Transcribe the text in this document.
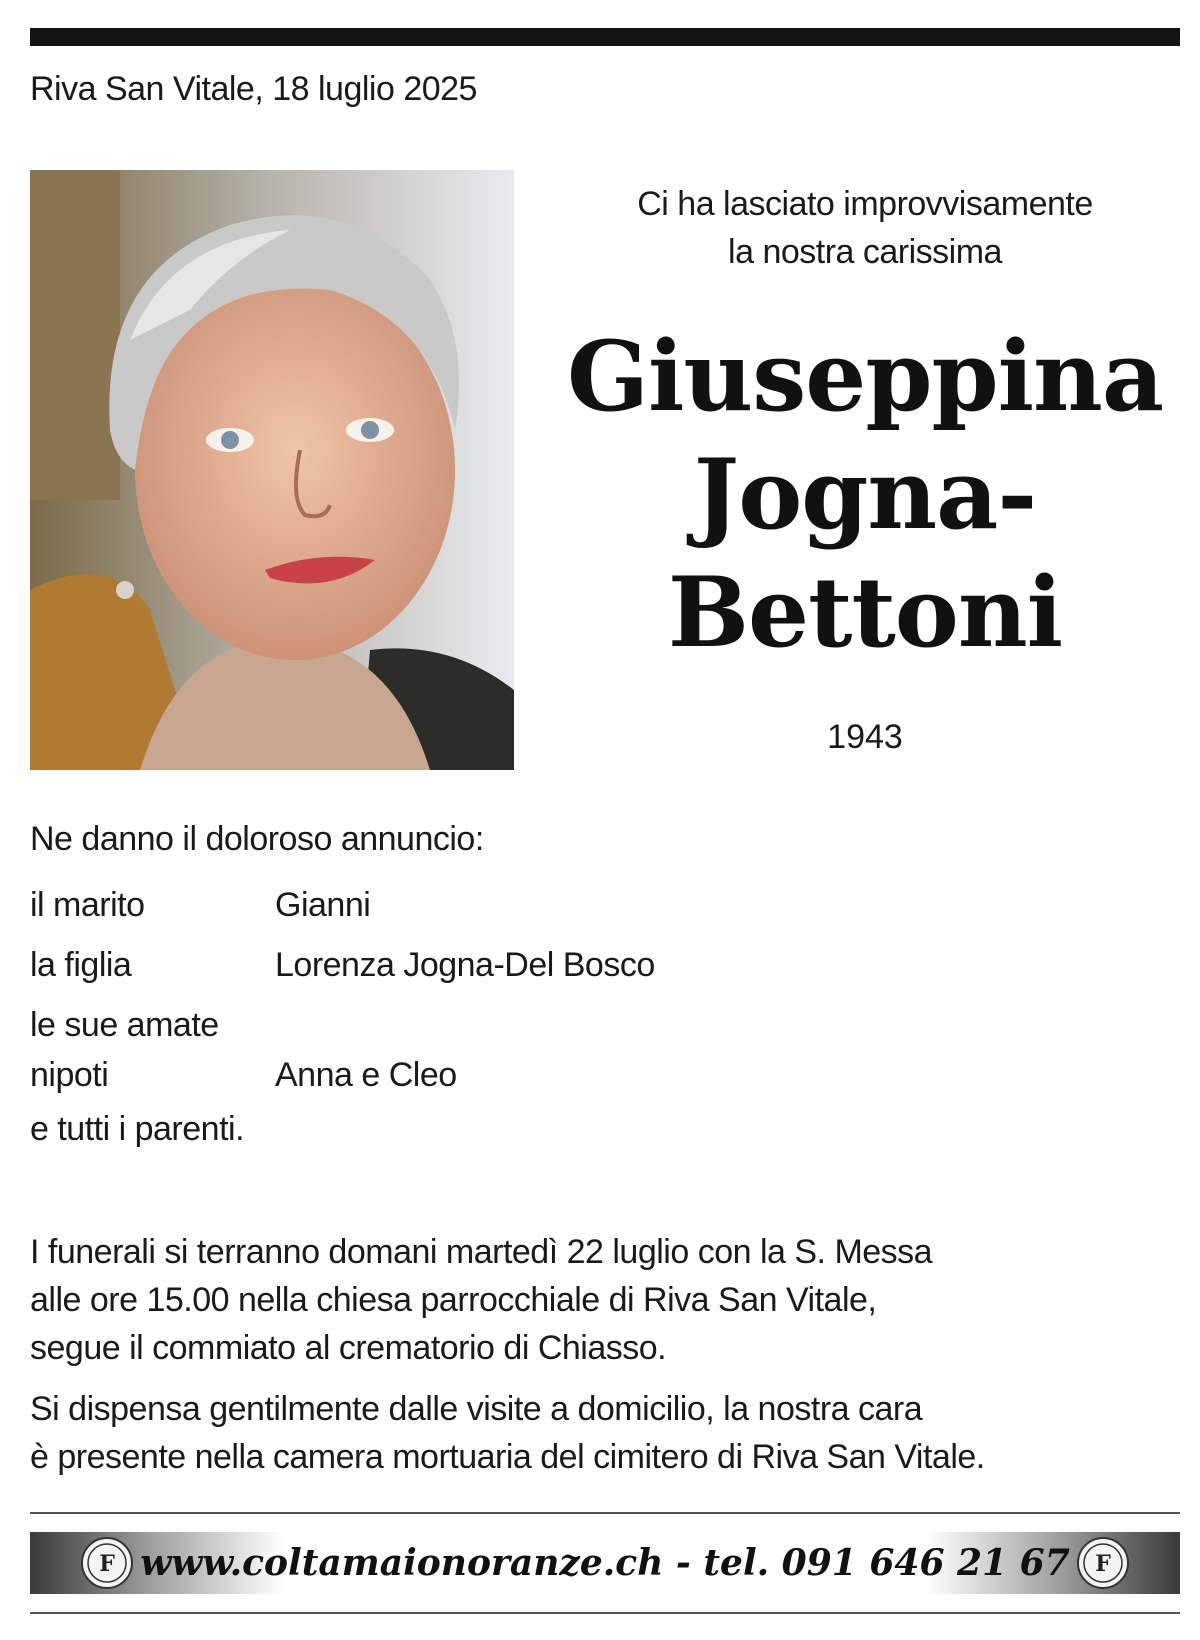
Riva San Vitale, 18 luglio 2025
Ci ha lasciato improvvisamente
la nostra carissima
Giuseppina
Jogna-
Bettoni
1943
Ne danno il doloroso annuncio:
il marito	Gianni
la figlia	Lorenza Jogna-Del Bosco
le sue amate nipoti	Anna e Cleo
e tutti i parenti.
I funerali si terranno domani martedì 22 luglio con la S. Messa
alle ore 15.00 nella chiesa parrocchiale di Riva San Vitale,
segue il commiato al crematorio di Chiasso.
Si dispensa gentilmente dalle visite a domicilio, la nostra cara
è presente nella camera mortuaria del cimitero di Riva San Vitale.
F www.coltamaionoranze.ch - tel. 091 646 21 67	F
